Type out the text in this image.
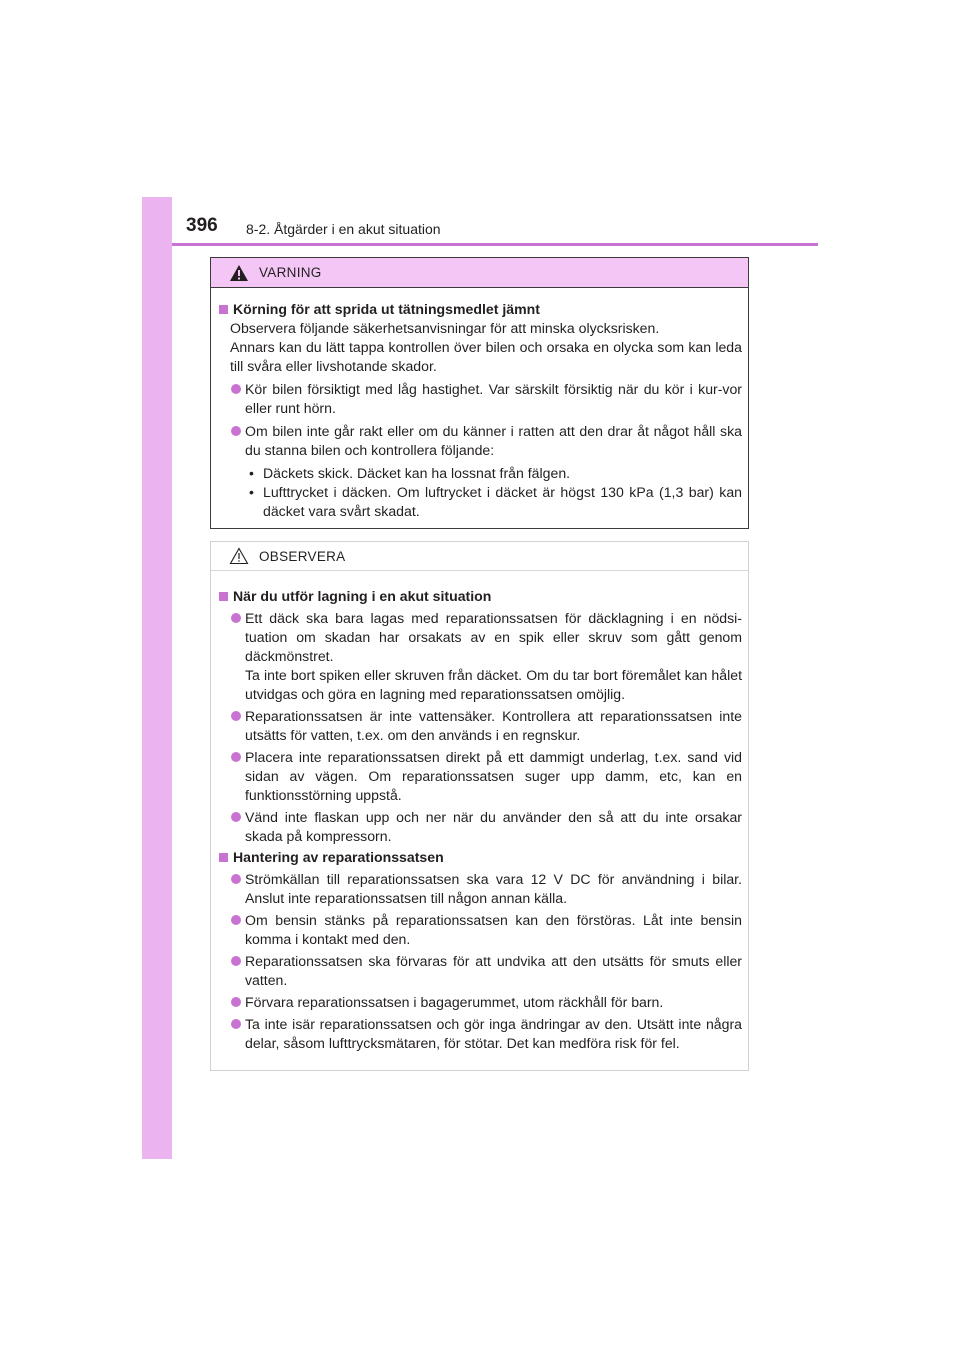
396 8-2. Åtgärder i en akut situation
VARNING
Körning för att sprida ut tätningsmedlet jämnt
Observera följande säkerhetsanvisningar för att minska olycksrisken.
Annars kan du lätt tappa kontrollen över bilen och orsaka en olycka som kan leda till svåra eller livshotande skador.
Kör bilen försiktigt med låg hastighet. Var särskilt försiktig när du kör i kur-vor eller runt hörn.
Om bilen inte går rakt eller om du känner i ratten att den drar åt något håll ska du stanna bilen och kontrollera följande:
• Däckets skick. Däcket kan ha lossnat från fälgen.
• Lufttrycket i däcken. Om luftrycket i däcket är högst 130 kPa (1,3 bar) kan däcket vara svårt skadat.
OBSERVERA
När du utför lagning i en akut situation
Ett däck ska bara lagas med reparationssatsen för däcklagning i en nödsi-tuation om skadan har orsakats av en spik eller skruv som gått genom däckmönstret.
Ta inte bort spiken eller skruven från däcket. Om du tar bort föremålet kan hålet utvidgas och göra en lagning med reparationssatsen omöjlig.
Reparationssatsen är inte vattensäker. Kontrollera att reparationssatsen inte utsätts för vatten, t.ex. om den används i en regnskur.
Placera inte reparationssatsen direkt på ett dammigt underlag, t.ex. sand vid sidan av vägen. Om reparationssatsen suger upp damm, etc, kan en funktionsstörning uppstå.
Vänd inte flaskan upp och ner när du använder den så att du inte orsakar skada på kompressorn.
Hantering av reparationssatsen
Strömkällan till reparationssatsen ska vara 12 V DC för användning i bilar. Anslut inte reparationssatsen till någon annan källa.
Om bensin stänks på reparationssatsen kan den förstöras. Låt inte bensin komma i kontakt med den.
Reparationssatsen ska förvaras för att undvika att den utsätts för smuts eller vatten.
Förvara reparationssatsen i bagagerummet, utom räckhåll för barn.
Ta inte isär reparationssatsen och gör inga ändringar av den. Utsätt inte några delar, såsom lufttrycksmätaren, för stötar. Det kan medföra risk för fel.
